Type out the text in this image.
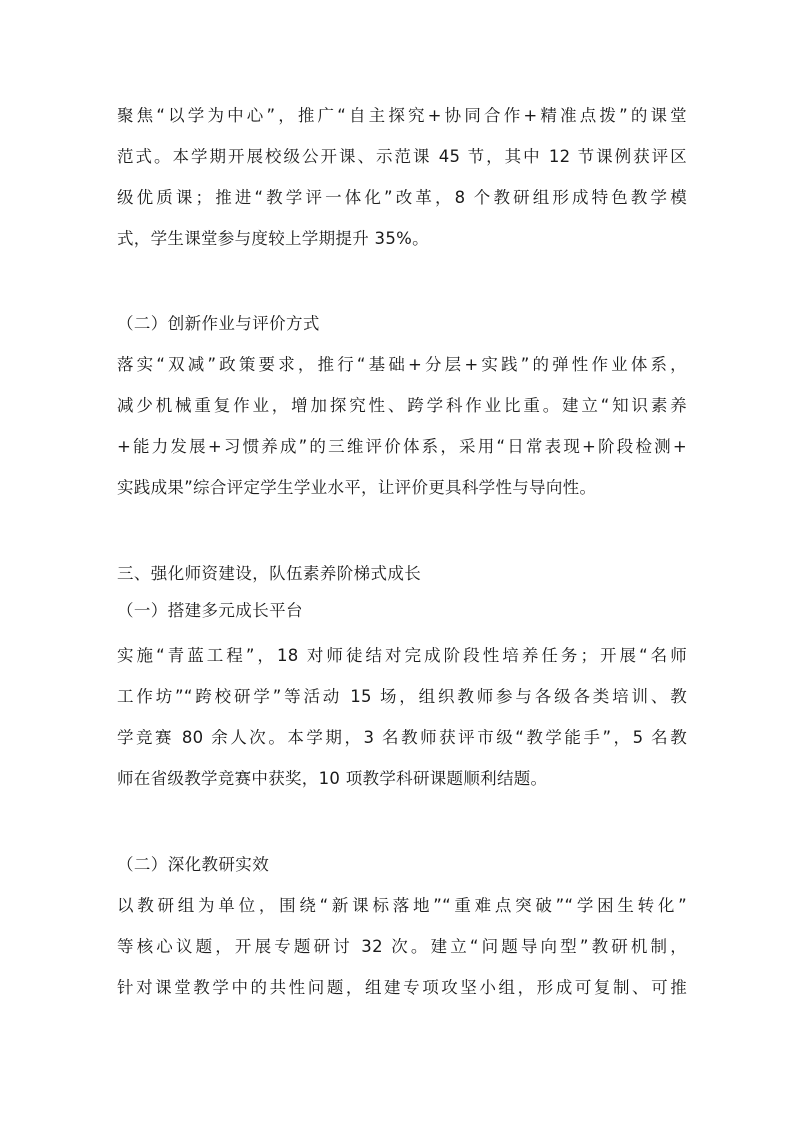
聚焦“以学为中心”，推广“自主探究+协同合作+精准点拨”的课堂
范式。本学期开展校级公开课、示范课 45 节，其中 12 节课例获评区
级优质课；推进“教学评一体化”改革，8 个教研组形成特色教学模
式，学生课堂参与度较上学期提升 35%。
（二）创新作业与评价方式
落实“双减”政策要求，推行“基础+分层+实践”的弹性作业体系，
减少机械重复作业，增加探究性、跨学科作业比重。建立“知识素养
+能力发展+习惯养成”的三维评价体系，采用“日常表现+阶段检测+
实践成果”综合评定学生学业水平，让评价更具科学性与导向性。
三、强化师资建设，队伍素养阶梯式成长
（一）搭建多元成长平台
实施“青蓝工程”，18 对师徒结对完成阶段性培养任务；开展“名师
工作坊”“跨校研学”等活动 15 场，组织教师参与各级各类培训、教
学竞赛 80 余人次。本学期，3 名教师获评市级“教学能手”，5 名教
师在省级教学竞赛中获奖，10 项教学科研课题顺利结题。
（二）深化教研实效
以教研组为单位，围绕“新课标落地”“重难点突破”“学困生转化”
等核心议题，开展专题研讨 32 次。建立“问题导向型”教研机制，
针对课堂教学中的共性问题，组建专项攻坚小组，形成可复制、可推
